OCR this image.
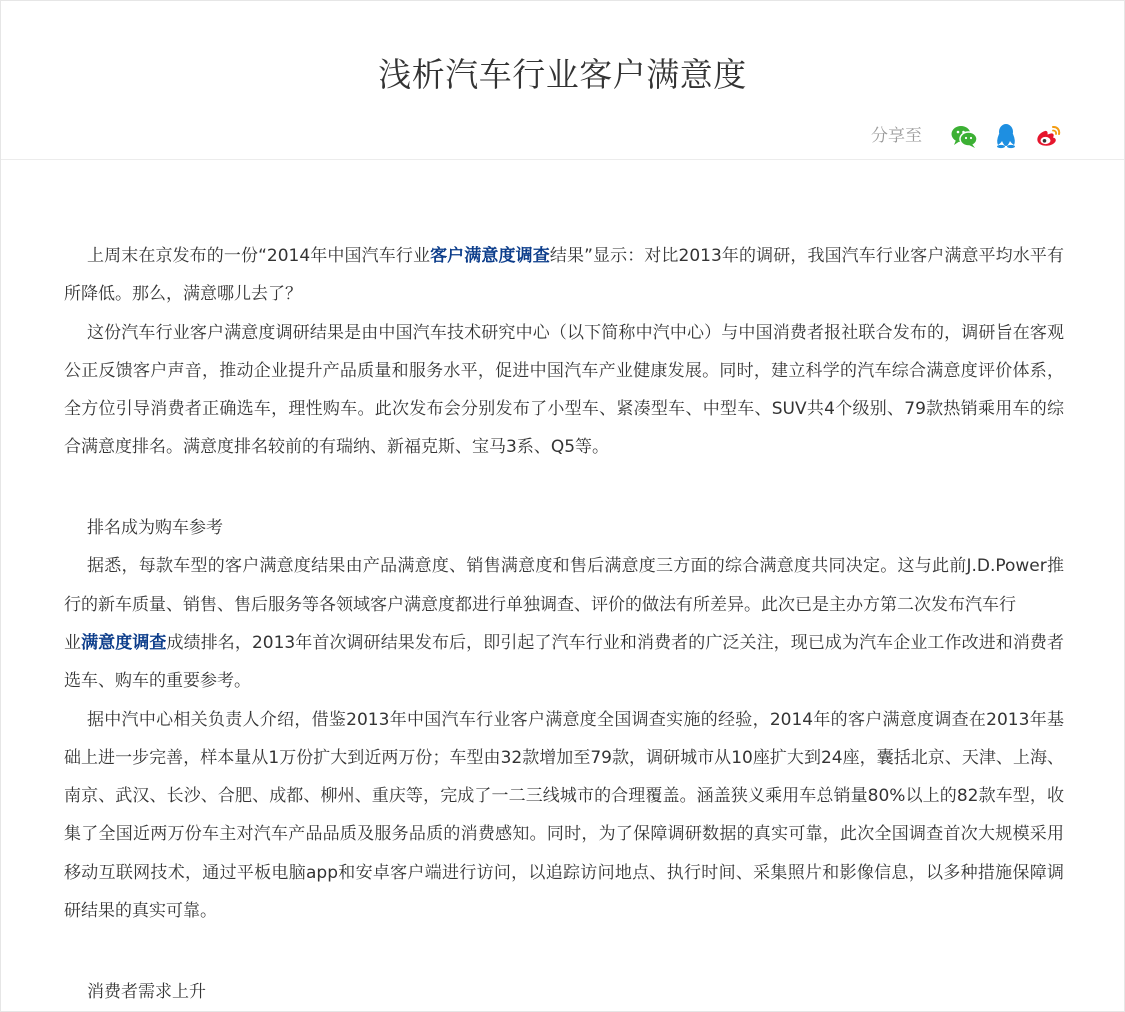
浅析汽车行业客户满意度
分享至

上周末在京发布的一份“2014年中国汽车行业客户满意度调查结果”显示：对比2013年的调研，我国汽车行业客户满意平均水平有所降低。那么，满意哪儿去了？

这份汽车行业客户满意度调研结果是由中国汽车技术研究中心（以下简称中汽中心）与中国消费者报社联合发布的，调研旨在客观公正反馈客户声音，推动企业提升产品质量和服务水平，促进中国汽车产业健康发展。同时，建立科学的汽车综合满意度评价体系，全方位引导消费者正确选车，理性购车。此次发布会分别发布了小型车、紧凑型车、中型车、SUV共4个级别、79款热销乘用车的综合满意度排名。满意度排名较前的有瑞纳、新福克斯、宝马3系、Q5等。

排名成为购车参考

据悉，每款车型的客户满意度结果由产品满意度、销售满意度和售后满意度三方面的综合满意度共同决定。这与此前J.D.Power推行的新车质量、销售、售后服务等各领域客户满意度都进行单独调查、评价的做法有所差异。此次已是主办方第二次发布汽车行

业满意度调查成绩排名，2013年首次调研结果发布后，即引起了汽车行业和消费者的广泛关注，现已成为汽车企业工作改进和消费者选车、购车的重要参考。

据中汽中心相关负责人介绍，借鉴2013年中国汽车行业客户满意度全国调查实施的经验，2014年的客户满意度调查在2013年基础上进一步完善，样本量从1万份扩大到近两万份；车型由32款增加至79款，调研城市从10座扩大到24座，囊括北京、天津、上海、南京、武汉、长沙、合肥、成都、柳州、重庆等，完成了一二三线城市的合理覆盖。涵盖狭义乘用车总销量80%以上的82款车型，收集了全国近两万份车主对汽车产品品质及服务品质的消费感知。同时，为了保障调研数据的真实可靠，此次全国调查首次大规模采用移动互联网技术，通过平板电脑app和安卓客户端进行访问，以追踪访问地点、执行时间、采集照片和影像信息，以多种措施保障调研结果的真实可靠。

消费者需求上升
